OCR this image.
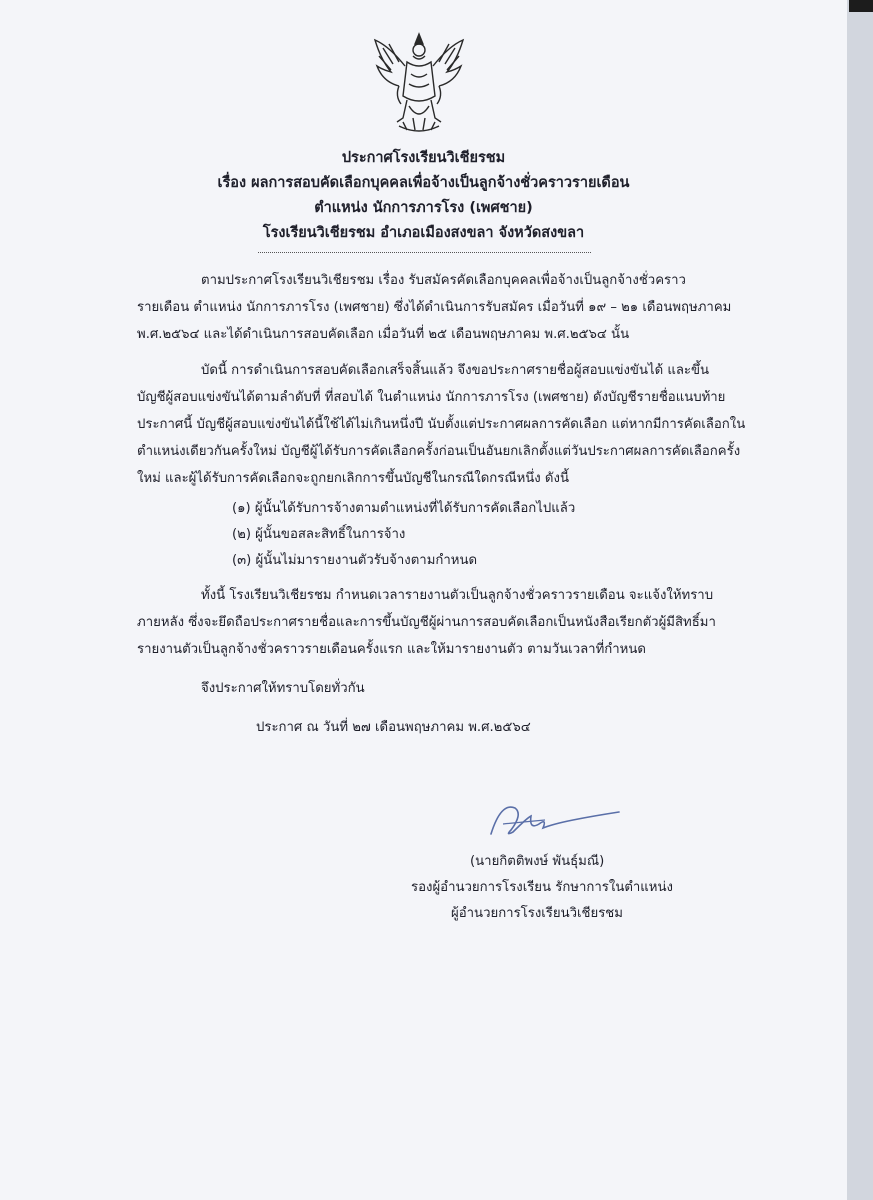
ประกาศโรงเรียนวิเชียรชม
เรื่อง ผลการสอบคัดเลือกบุคคลเพื่อจ้างเป็นลูกจ้างชั่วคราวรายเดือน
ตำแหน่ง นักการภารโรง (เพศชาย)
โรงเรียนวิเชียรชม อำเภอเมืองสงขลา จังหวัดสงขลา
ตามประกาศโรงเรียนวิเชียรชม เรื่อง รับสมัครคัดเลือกบุคคลเพื่อจ้างเป็นลูกจ้างชั่วคราว
รายเดือน ตำแหน่ง นักการภารโรง (เพศชาย) ซึ่งได้ดำเนินการรับสมัคร เมื่อวันที่ ๑๙ – ๒๑ เดือนพฤษภาคม
พ.ศ.๒๕๖๔ และได้ดำเนินการสอบคัดเลือก เมื่อวันที่ ๒๕ เดือนพฤษภาคม พ.ศ.๒๕๖๔ นั้น
บัดนี้ การดำเนินการสอบคัดเลือกเสร็จสิ้นแล้ว จึงขอประกาศรายชื่อผู้สอบแข่งขันได้ และขึ้น
บัญชีผู้สอบแข่งขันได้ตามลำดับที่ ที่สอบได้ ในตำแหน่ง นักการภารโรง (เพศชาย) ดังบัญชีรายชื่อแนบท้าย
ประกาศนี้ บัญชีผู้สอบแข่งขันได้นี้ใช้ได้ไม่เกินหนึ่งปี นับตั้งแต่ประกาศผลการคัดเลือก แต่หากมีการคัดเลือกใน
ตำแหน่งเดียวกันครั้งใหม่ บัญชีผู้ได้รับการคัดเลือกครั้งก่อนเป็นอันยกเลิกตั้งแต่วันประกาศผลการคัดเลือกครั้ง
ใหม่ และผู้ได้รับการคัดเลือกจะถูกยกเลิกการขึ้นบัญชีในกรณีใดกรณีหนึ่ง ดังนี้
(๑) ผู้นั้นได้รับการจ้างตามตำแหน่งที่ได้รับการคัดเลือกไปแล้ว
(๒) ผู้นั้นขอสละสิทธิ์ในการจ้าง
(๓) ผู้นั้นไม่มารายงานตัวรับจ้างตามกำหนด
ทั้งนี้ โรงเรียนวิเชียรชม กำหนดเวลารายงานตัวเป็นลูกจ้างชั่วคราวรายเดือน จะแจ้งให้ทราบ
ภายหลัง ซึ่งจะยึดถือประกาศรายชื่อและการขึ้นบัญชีผู้ผ่านการสอบคัดเลือกเป็นหนังสือเรียกตัวผู้มีสิทธิ์มา
รายงานตัวเป็นลูกจ้างชั่วคราวรายเดือนครั้งแรก และให้มารายงานตัว ตามวันเวลาที่กำหนด
จึงประกาศให้ทราบโดยทั่วกัน
ประกาศ ณ วันที่ ๒๗ เดือนพฤษภาคม พ.ศ.๒๕๖๔
(นายกิตติพงษ์ พันธุ์มณี)
รองผู้อำนวยการโรงเรียน รักษาการในตำแหน่ง
ผู้อำนวยการโรงเรียนวิเชียรชม
